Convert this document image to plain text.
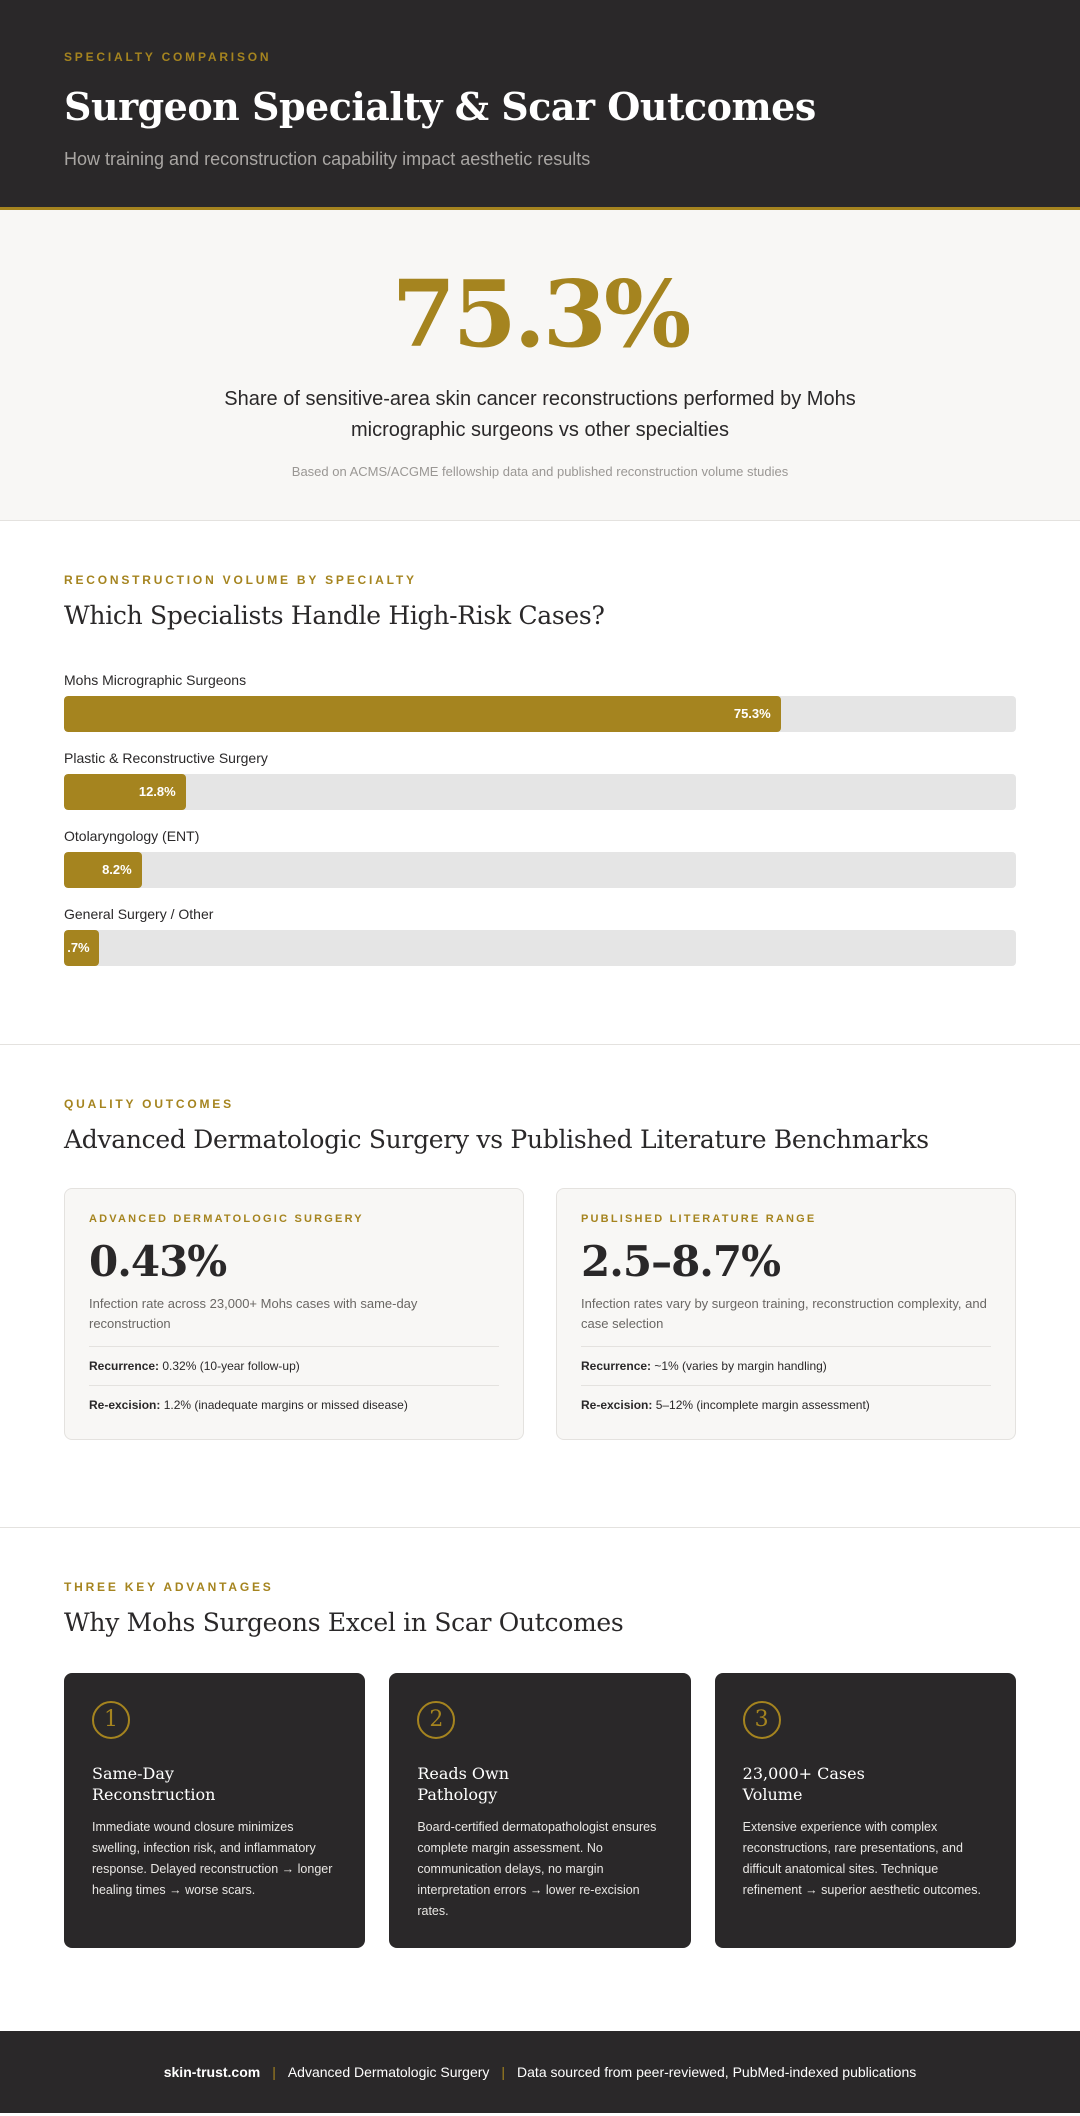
SPECIALTY COMPARISON
Surgeon Specialty & Scar Outcomes
How training and reconstruction capability impact aesthetic results
75.3%
Share of sensitive-area skin cancer reconstructions performed by Mohs micrographic surgeons vs other specialties
Based on ACMS/ACGME fellowship data and published reconstruction volume studies
RECONSTRUCTION VOLUME BY SPECIALTY
Which Specialists Handle High-Risk Cases?
Mohs Micrographic Surgeons
75.3%
Plastic & Reconstructive Surgery
12.8%
Otolaryngology (ENT)
8.2%
General Surgery / Other
.7%
QUALITY OUTCOMES
Advanced Dermatologic Surgery vs Published Literature Benchmarks
ADVANCED DERMATOLOGIC SURGERY
0.43%
Infection rate across 23,000+ Mohs cases with same-day reconstruction
Recurrence: 0.32% (10-year follow-up)
Re-excision: 1.2% (inadequate margins or missed disease)
PUBLISHED LITERATURE RANGE
2.5–8.7%
Infection rates vary by surgeon training, reconstruction complexity, and case selection
Recurrence: ~1% (varies by margin handling)
Re-excision: 5–12% (incomplete margin assessment)
THREE KEY ADVANTAGES
Why Mohs Surgeons Excel in Scar Outcomes
1
Same-Day
Reconstruction
Immediate wound closure minimizes swelling, infection risk, and inflammatory response. Delayed reconstruction → longer healing times → worse scars.
2
Reads Own
Pathology
Board-certified dermatopathologist ensures complete margin assessment. No communication delays, no margin interpretation errors → lower re-excision rates.
3
23,000+ Cases
Volume
Extensive experience with complex reconstructions, rare presentations, and difficult anatomical sites. Technique refinement → superior aesthetic outcomes.
skin-trust.com | Advanced Dermatologic Surgery | Data sourced from peer-reviewed, PubMed-indexed publications
